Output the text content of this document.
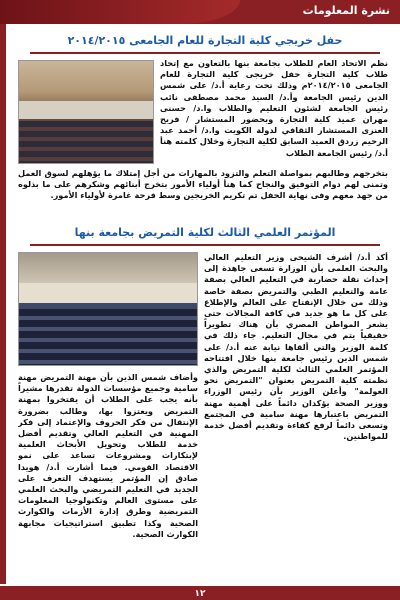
نشرة المعلومات
حفل خريجي كلية التجارة للعام الجامعى ٢٠١٤/٢٠١٥

نظم الاتحاد العام للطلاب بجامعة بنها بالتعاون مع إتحاد طلاب كلية التجارة حفل خريجى كلية التجارة للعام الجامعى ٢٠١٤/٢٠١٥م وذلك تحت رعاية أ.د/ على شمس الدين رئيس الجامعة وأ.د/ السيد محمد مصطفى نائب رئيس الجامعة لشئون التعليم والطلاب وا.د/ حسنى مهران عميد كلية التجارة وبحضور المستشار / فريح العنزى المستشار الثقافي لدولة الكويت وا.د/ أحمد عبد الرحيم زردق العميد السابق لكلية التجارة وخلال كلمته هنأ أ.د/ رئيس الجامعة الطلاب

بتخرجهم وطالبهم بمواصلة التعلم والتزود بالمهارات من أجل إمتلاك ما يؤهلهم لسوق العمل وتمنى لهم دوام التوفيق والنجاح كما هنأ أولياء الأمور بتخرج أبنائهم وشكرهم على ما بذلوه من جهد معهم وفى نهاية الحفل تم تكريم الخريجين وسط فرحة غامرة لأولياء الأمور.

المؤتمر العلمي الثالث لكلية التمريض بجامعة بنها

أكد أ.د/ أشرف الشيحى وزير التعليم العالي والبحث العلمى بأن الوزارة تسعى جاهدة إلى إحداث نقلة حضارية في التعليم العالي بصفة عامة والتعليم الطبي والتمريض بصفة خاصة وذلك من خلال الإنفتاح على العالم والإطلاع على كل ما هو جديد في كافة المجالات حتى يشعر المواطن المصري بأن هناك تطويراً حقيقياً يتم في مجال التعليم. جاء ذلك في كلمة الوزير والتي ألقاها نيابة عنه أ.د/ على شمس الدين رئيس جامعة بنها خلال افتتاحه المؤتمر العلمي الثالث لكلية التمريض والذي نظمته كلية التمريض بعنوان "التمريض نحو العولمة" وأعلن الوزير بأن رئيس الوزراء ووزير الصحة يؤكدان دائماً على أهمية مهنة التمريض باعتبارها مهنة سامية في المجتمع وتسعى دائماً لرفع كفاءة وتقديم أفضل خدمة للمواطنين.

وأضاف شمس الدين بأن مهنة التمريض مهنة سامية وجميع مؤسسات الدولة تقدرها مشيراً بأنه يجب على الطلاب أن يفتخروا بمهنة التمريض ويعتزوا بها، وطالب بضرورة الإنتقال من فكر الحروف والإعتماد إلى فكر المهنية في التعليم العالي وتقديم أفضل خدمة للطلاب وتحويل الأبحاث العلمية لإبتكارات ومشروعات تساعد على نمو الاقتصاد القومي. فيما أشارت أ.د/ هويدا صادق إن المؤتمر يستهدف التعرف على الجديد في التعليم التمريضي والبحث العلمي على مستوى العالم وتكنولوجيا المعلومات التمريضية وطرق إدارة الأزمات والكوارث الصحية وكذا تطبيق استراتيجيات مجابهة الكوارث الصحية.

١٢
